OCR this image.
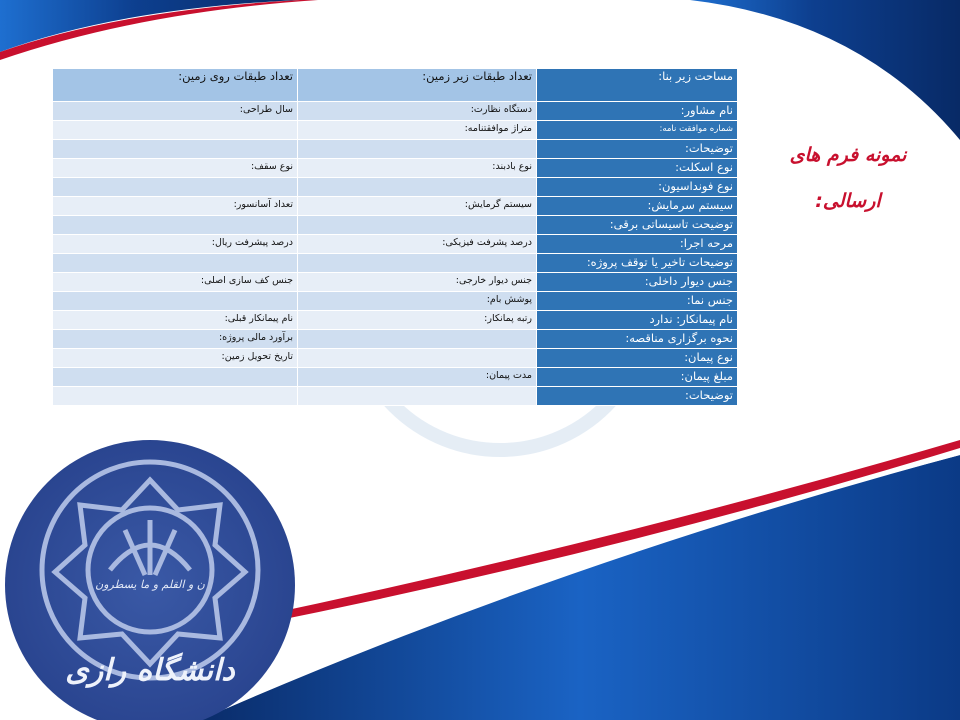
نمونه فرم های
ارسالی:
مساحت زیر بنا:	تعداد طبقات زیر زمین:	تعداد طبقات روی زمین:
نام مشاور:	دستگاه نظارت:	سال طراحی:
شماره موافقت نامه:	متراژ موافقتنامه:	
توضیحات:		
نوع اسکلت:	نوع بادبند:	نوع سقف:
نوع فونداسیون:		
سیستم سرمایش:	سیستم گرمایش:	تعداد آسانسور:
توضیحت تاسیساتی برقی:		
مرحه اجرا:	درصد پشرفت فیزیکی:	درصد پیشرفت ریال:
توضیحات تاخیر یا توقف پروژه:		
جنس دیوار داخلی:	جنس دیوار خارجی:	جنس کف سازی اصلی:
جنس نما:	پوشش بام:	
نام پیمانکار: ندارد	رتبه پمانکار:	نام پیمانکار قبلی:
نحوه برگزاری مناقصه:		برآورد مالی پروژه:
نوع پیمان:		تاریخ تحویل زمین:
مبلغ پیمان:	مدت پیمان:	
توضیحات:		
ن و القلم و ما یسطرون
دانشگاه رازی
